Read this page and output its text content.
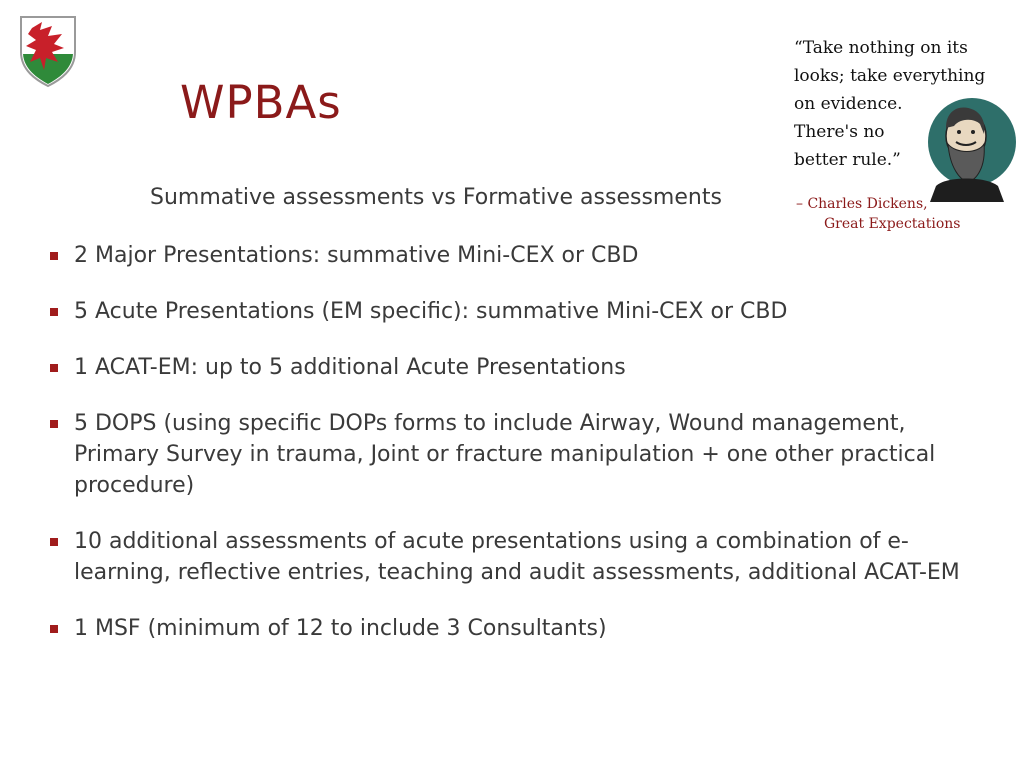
WPBAs
“Take nothing on its
looks; take everything
on evidence.
There's no
better rule.”
– Charles Dickens,
Great Expectations
Summative assessments vs Formative assessments
2 Major Presentations: summative Mini-CEX or CBD
5 Acute Presentations (EM specific): summative Mini-CEX or CBD
1 ACAT-EM: up to 5 additional Acute Presentations
5 DOPS (using specific DOPs forms to include Airway, Wound management, Primary Survey in trauma, Joint or fracture manipulation + one other practical procedure)
10 additional assessments of acute presentations using a combination of e-learning, reflective entries, teaching and audit assessments, additional ACAT-EM
1 MSF (minimum of 12 to include 3 Consultants)
